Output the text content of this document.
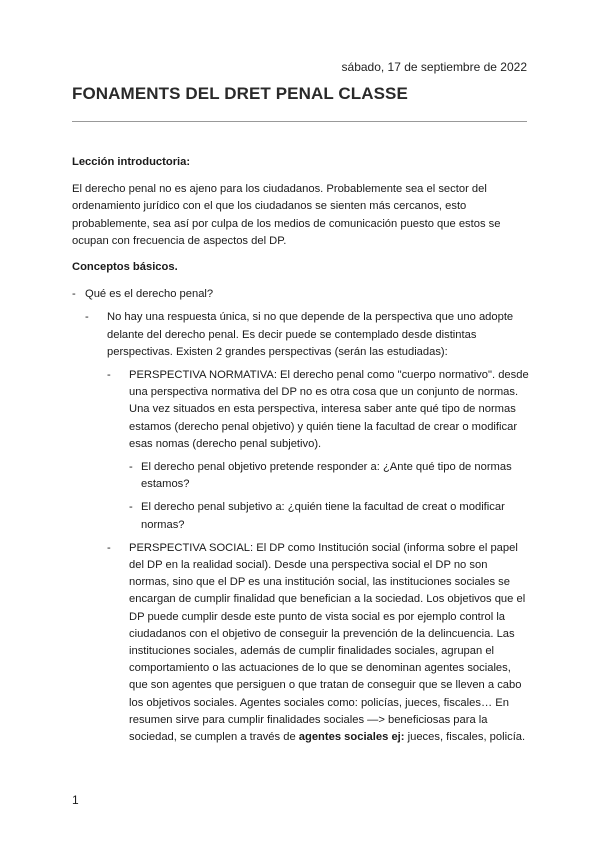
sábado, 17 de septiembre de 2022
FONAMENTS DEL DRET PENAL CLASSE
Lección introductoria:

El derecho penal no es ajeno para los ciudadanos. Probablemente sea el sector del ordenamiento jurídico con el que los ciudadanos se sienten más cercanos, esto probablemente, sea así por culpa de los medios de comunicación puesto que estos se ocupan con frecuencia de aspectos del DP.

Conceptos básicos.
- Qué es el derecho penal?
- No hay una respuesta única, si no que depende de la perspectiva que uno adopte delante del derecho penal. Es decir puede se contemplado desde distintas perspectivas. Existen 2 grandes perspectivas (serán las estudiadas):
- PERSPECTIVA NORMATIVA: El derecho penal como "cuerpo normativo". desde una perspectiva normativa del DP no es otra cosa que un conjunto de normas. Una vez situados en esta perspectiva, interesa saber ante qué tipo de normas estamos (derecho penal objetivo) y quién tiene la facultad de crear o modificar esas nomas (derecho penal subjetivo).
- El derecho penal objetivo pretende responder a: ¿Ante qué tipo de normas estamos?
- El derecho penal subjetivo a: ¿quién tiene la facultad de creat o modificar normas?
- PERSPECTIVA SOCIAL: El DP como Institución social (informa sobre el papel del DP en la realidad social). Desde una perspectiva social el DP no son normas, sino que el DP es una institución social, las instituciones sociales se encargan de cumplir finalidad que benefician a la sociedad. Los objetivos que el DP puede cumplir desde este punto de vista social es por ejemplo control la ciudadanos con el objetivo de conseguir la prevención de la delincuencia. Las instituciones sociales, además de cumplir finalidades sociales, agrupan el comportamiento o las actuaciones de lo que se denominan agentes sociales, que son agentes que persiguen o que tratan de conseguir que se lleven a cabo los objetivos sociales. Agentes sociales como: policías, jueces, fiscales… En resumen sirve para cumplir finalidades sociales —> beneficiosas para la sociedad, se cumplen a través de agentes sociales ej: jueces, fiscales, policía.
1
